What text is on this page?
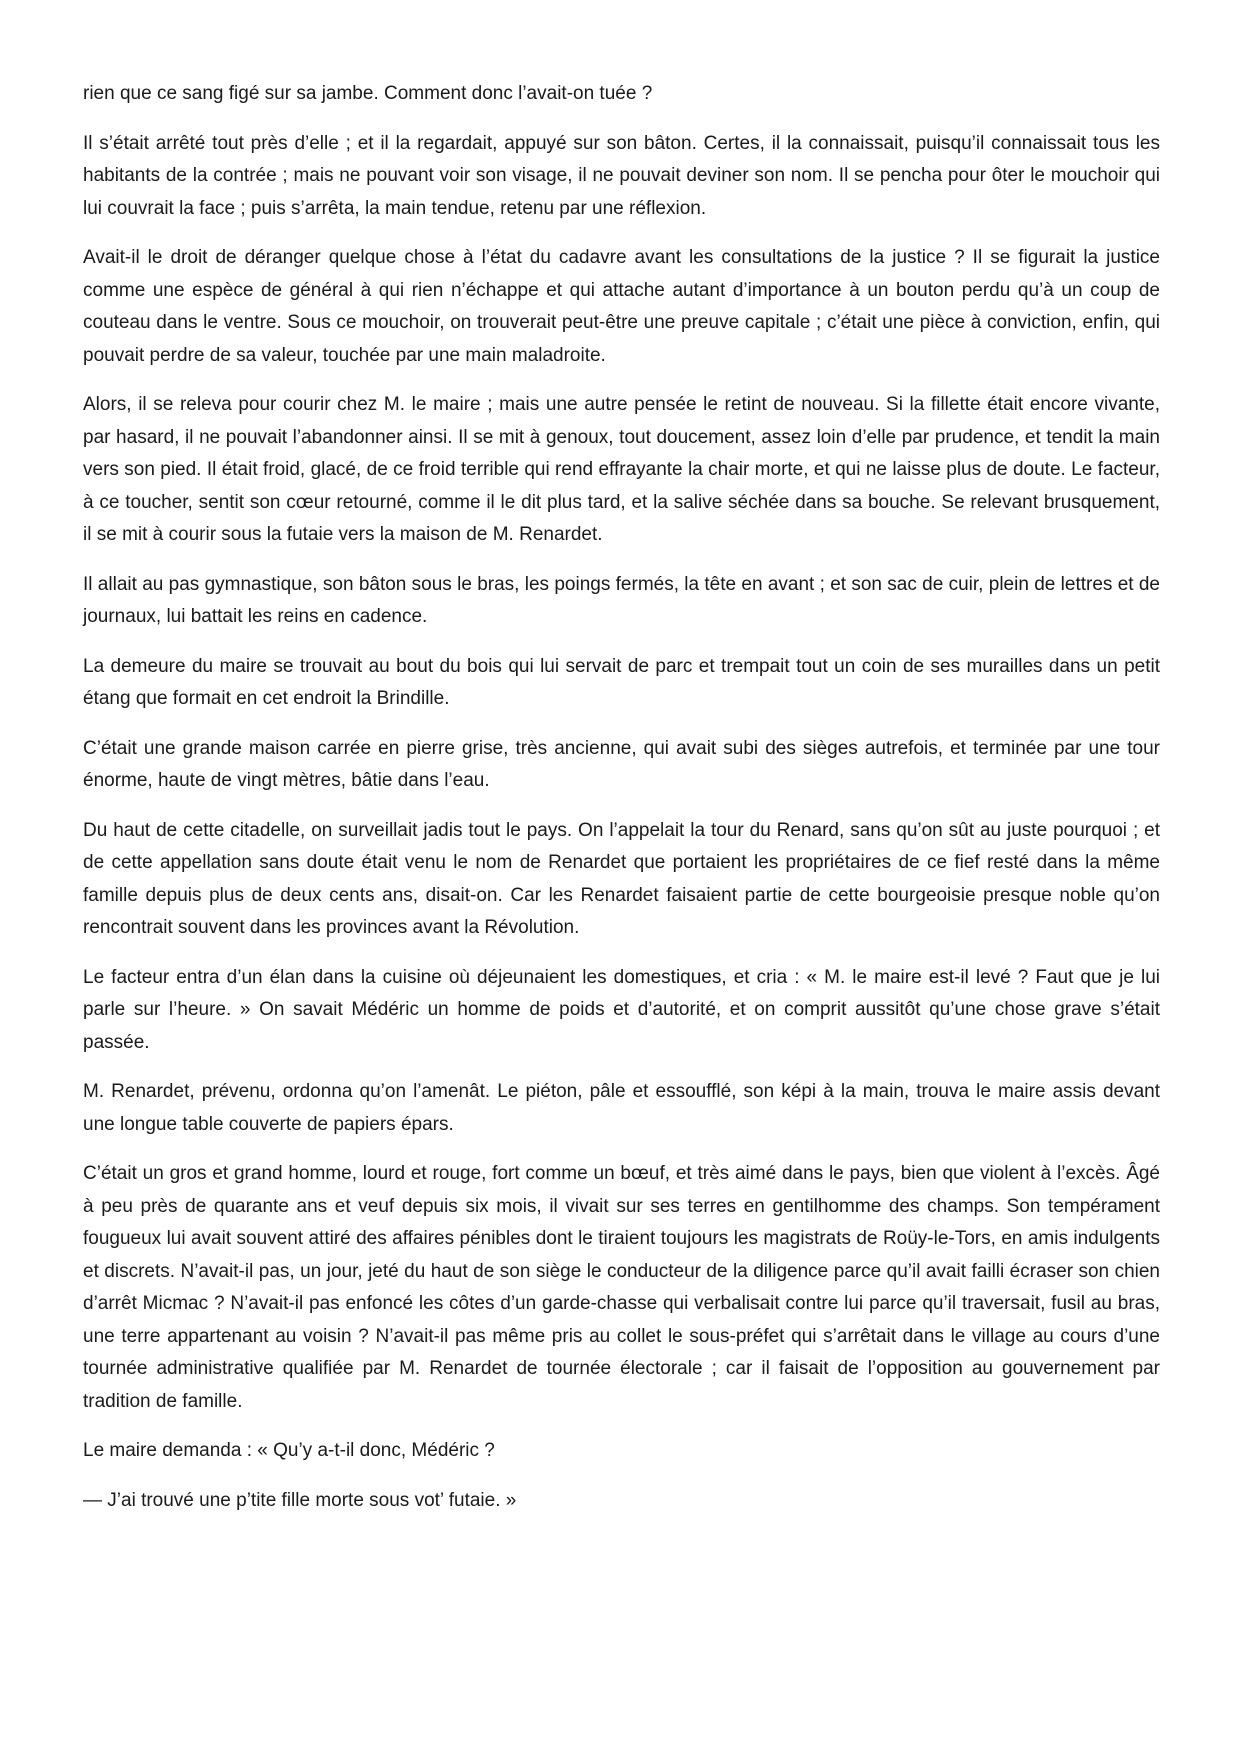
rien que ce sang figé sur sa jambe. Comment donc l’avait-on tuée ?

Il s’était arrêté tout près d’elle ; et il la regardait, appuyé sur son bâton. Certes, il la connaissait, puisqu’il connaissait tous les habitants de la contrée ; mais ne pouvant voir son visage, il ne pouvait deviner son nom. Il se pencha pour ôter le mouchoir qui lui couvrait la face ; puis s’arrêta, la main tendue, retenu par une réflexion.

Avait-il le droit de déranger quelque chose à l’état du cadavre avant les consultations de la justice ? Il se figurait la justice comme une espèce de général à qui rien n’échappe et qui attache autant d’importance à un bouton perdu qu’à un coup de couteau dans le ventre. Sous ce mouchoir, on trouverait peut-être une preuve capitale ; c’était une pièce à conviction, enfin, qui pouvait perdre de sa valeur, touchée par une main maladroite.

Alors, il se releva pour courir chez M. le maire ; mais une autre pensée le retint de nouveau. Si la fillette était encore vivante, par hasard, il ne pouvait l’abandonner ainsi. Il se mit à genoux, tout doucement, assez loin d’elle par prudence, et tendit la main vers son pied. Il était froid, glacé, de ce froid terrible qui rend effrayante la chair morte, et qui ne laisse plus de doute. Le facteur, à ce toucher, sentit son cœur retourné, comme il le dit plus tard, et la salive séchée dans sa bouche. Se relevant brusquement, il se mit à courir sous la futaie vers la maison de M. Renardet.

Il allait au pas gymnastique, son bâton sous le bras, les poings fermés, la tête en avant ; et son sac de cuir, plein de lettres et de journaux, lui battait les reins en cadence.

La demeure du maire se trouvait au bout du bois qui lui servait de parc et trempait tout un coin de ses murailles dans un petit étang que formait en cet endroit la Brindille.

C’était une grande maison carrée en pierre grise, très ancienne, qui avait subi des sièges autrefois, et terminée par une tour énorme, haute de vingt mètres, bâtie dans l’eau.

Du haut de cette citadelle, on surveillait jadis tout le pays. On l’appelait la tour du Renard, sans qu’on sût au juste pourquoi ; et de cette appellation sans doute était venu le nom de Renardet que portaient les propriétaires de ce fief resté dans la même famille depuis plus de deux cents ans, disait-on. Car les Renardet faisaient partie de cette bourgeoisie presque noble qu’on rencontrait souvent dans les provinces avant la Révolution.

Le facteur entra d’un élan dans la cuisine où déjeunaient les domestiques, et cria : « M. le maire est-il levé ? Faut que je lui parle sur l’heure. » On savait Médéric un homme de poids et d’autorité, et on comprit aussitôt qu’une chose grave s’était passée.

M. Renardet, prévenu, ordonna qu’on l’amenât. Le piéton, pâle et essoufflé, son képi à la main, trouva le maire assis devant une longue table couverte de papiers épars.

C’était un gros et grand homme, lourd et rouge, fort comme un bœuf, et très aimé dans le pays, bien que violent à l’excès. Âgé à peu près de quarante ans et veuf depuis six mois, il vivait sur ses terres en gentilhomme des champs. Son tempérament fougueux lui avait souvent attiré des affaires pénibles dont le tiraient toujours les magistrats de Roüy-le-Tors, en amis indulgents et discrets. N’avait-il pas, un jour, jeté du haut de son siège le conducteur de la diligence parce qu’il avait failli écraser son chien d’arrêt Micmac ? N’avait-il pas enfoncé les côtes d’un garde-chasse qui verbalisait contre lui parce qu’il traversait, fusil au bras, une terre appartenant au voisin ? N’avait-il pas même pris au collet le sous-préfet qui s’arrêtait dans le village au cours d’une tournée administrative qualifiée par M. Renardet de tournée électorale ; car il faisait de l’opposition au gouvernement par tradition de famille.

Le maire demanda : « Qu’y a-t-il donc, Médéric ?

— J’ai trouvé une p’tite fille morte sous vot’ futaie. »
